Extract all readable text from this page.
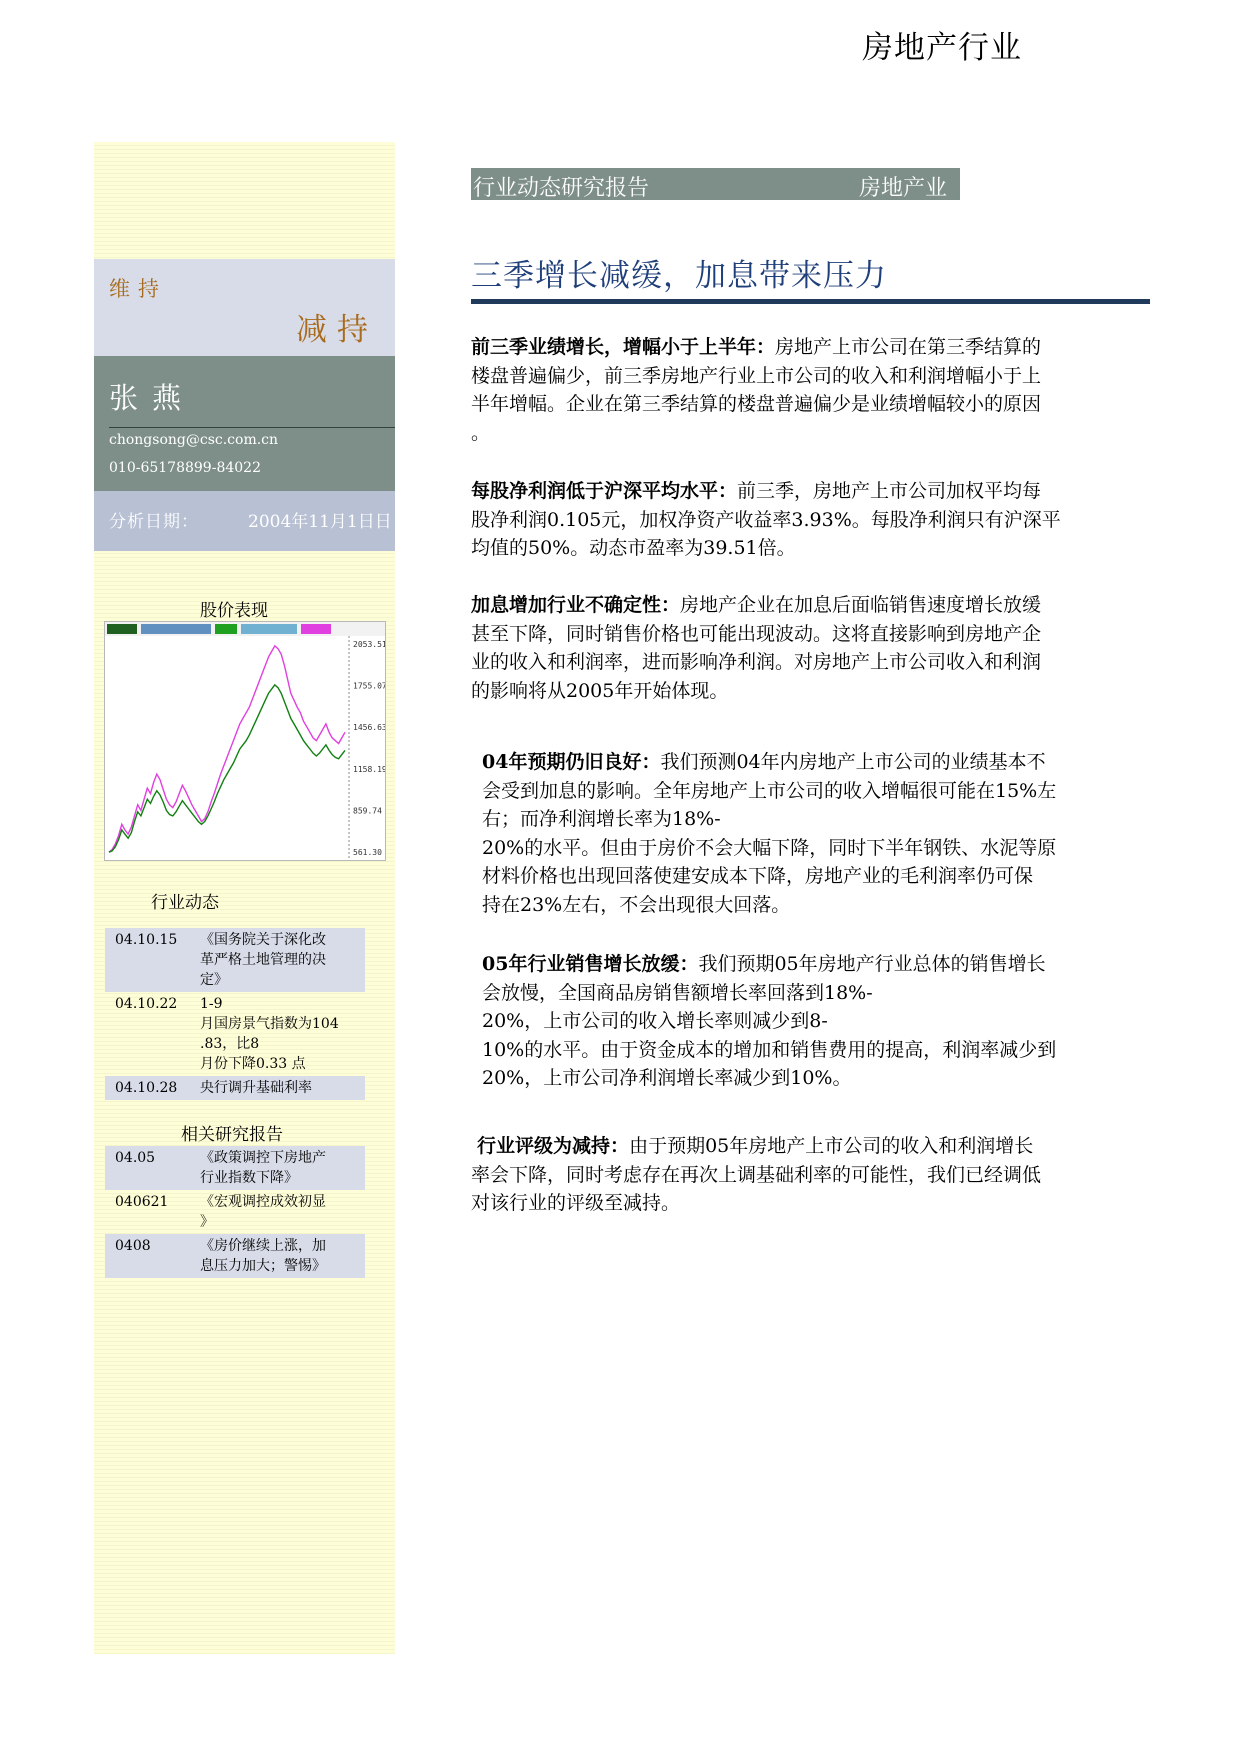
房地产行业
维持
减持
张燕
chongsong@csc.com.cn
010-65178899-84022
分析日期：	2004年11月1日日
股价表现
2053.51
1755.07
1456.63
1158.19
859.74
561.30
行业动态
04.10.15	《国务院关于深化改
革严格土地管理的决
定》
04.10.22	1-9
月国房景气指数为104
.83，比8
月份下降0.33 点
04.10.28	央行调升基础利率
相关研究报告
04.05	《政策调控下房地产
行业指数下降》
040621	《宏观调控成效初显
》
0408	《房价继续上涨，加
息压力加大；警惕》
行业动态研究报告	房地产业
三季增长减缓，加息带来压力
前三季业绩增长，增幅小于上半年：房地产上市公司在第三季结算的
楼盘普遍偏少，前三季房地产行业上市公司的收入和利润增幅小于上
半年增幅。企业在第三季结算的楼盘普遍偏少是业绩增幅较小的原因
。
每股净利润低于沪深平均水平：前三季，房地产上市公司加权平均每
股净利润0.105元，加权净资产收益率3.93%。每股净利润只有沪深平
均值的50%。动态市盈率为39.51倍。
加息增加行业不确定性：房地产企业在加息后面临销售速度增长放缓
甚至下降，同时销售价格也可能出现波动。这将直接影响到房地产企
业的收入和利润率，进而影响净利润。对房地产上市公司收入和利润
的影响将从2005年开始体现。
04年预期仍旧良好：我们预测04年内房地产上市公司的业绩基本不
会受到加息的影响。全年房地产上市公司的收入增幅很可能在15%左
右；而净利润增长率为18%-
20%的水平。但由于房价不会大幅下降，同时下半年钢铁、水泥等原
材料价格也出现回落使建安成本下降，房地产业的毛利润率仍可保
持在23%左右，不会出现很大回落。
05年行业销售增长放缓：我们预期05年房地产行业总体的销售增长
会放慢，全国商品房销售额增长率回落到18%-
20%，上市公司的收入增长率则减少到8-
10%的水平。由于资金成本的增加和销售费用的提高，利润率减少到
20%，上市公司净利润增长率减少到10%。
行业评级为减持：由于预期05年房地产上市公司的收入和利润增长
率会下降，同时考虑存在再次上调基础利率的可能性，我们已经调低
对该行业的评级至减持。
